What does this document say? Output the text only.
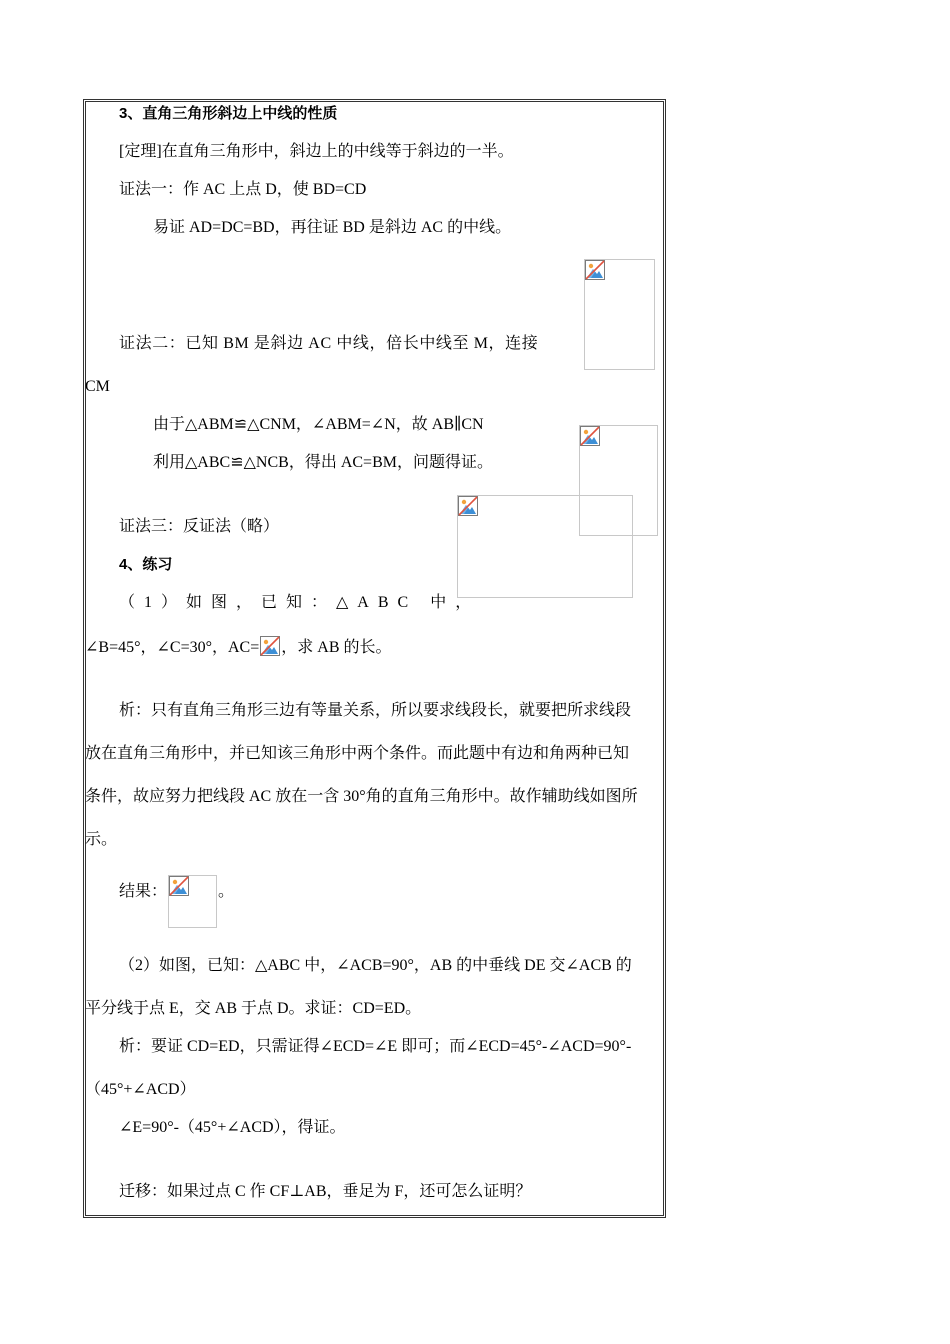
3、直角三角形斜边上中线的性质
[定理]在直角三角形中，斜边上的中线等于斜边的一半。
证法一：作 AC 上点 D，使 BD=CD
易证 AD=DC=BD，再往证 BD 是斜边 AC 的中线。
证法二：已知 BM 是斜边 AC 中线，倍长中线至 M，连接
CM
由于△ABM≌△CNM，∠ABM=∠N，故 AB∥CN
利用△ABC≌△NCB，得出 AC=BM，问题得证。
证法三：反证法（略）
4、练习
（1）如图，已知：△ABC 中，
∠B=45°，∠C=30°，AC= ，求 AB 的长。
析：只有直角三角形三边有等量关系，所以要求线段长，就要把所求线段
放在直角三角形中，并已知该三角形中两个条件。而此题中有边和角两种已知
条件，故应努力把线段 AC 放在一含 30°角的直角三角形中。故作辅助线如图所
示。
结果：	。
（2）如图，已知：△ABC 中，∠ACB=90°，AB 的中垂线 DE 交∠ACB 的
平分线于点 E，交 AB 于点 D。求证：CD=ED。
析：要证 CD=ED，只需证得∠ECD=∠E 即可；而∠ECD=45°-∠ACD=90°-
（45°+∠ACD）
∠E=90°-（45°+∠ACD），得证。
迁移：如果过点 C 作 CF⊥AB，垂足为 F，还可怎么证明？
